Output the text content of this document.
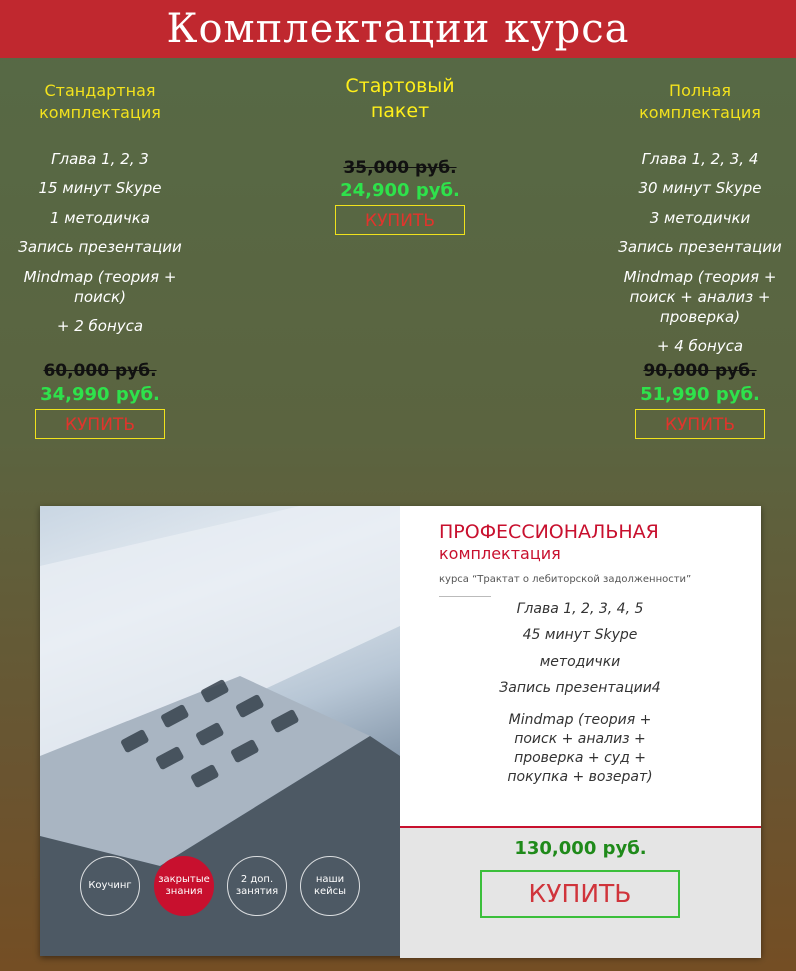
Комплектации курса
Стандартная
комплектация
Глава 1, 2, 3
15 минут Skype
1 методичка
Запись презентации
Mindmap (теория +
поиск)
+ 2 бонуса
60,000 руб.
34,990 руб.
КУПИТЬ
Стартовый
пакет
35,000 руб.
24,900 руб.
КУПИТЬ
Полная
комплектация
Глава 1, 2, 3, 4
30 минут Skype
3 методички
Запись презентации
Mindmap (теория +
поиск + анализ +
проверка)
+ 4 бонуса
90,000 руб.
51,990 руб.
КУПИТЬ
Коучинг
закрытые
знания
2 доп.
занятия
наши
кейсы
ПРОФЕССИОНАЛЬНАЯ
комплектация
курса “Трактат о лебиторской задолженности”
Глава 1, 2, 3, 4, 5
45 минут Skype
методички
Запись презентации4
Mindmap (теория +
поиск + анализ +
проверка + суд +
покупка + возерат)
130,000 руб.
КУПИТЬ
